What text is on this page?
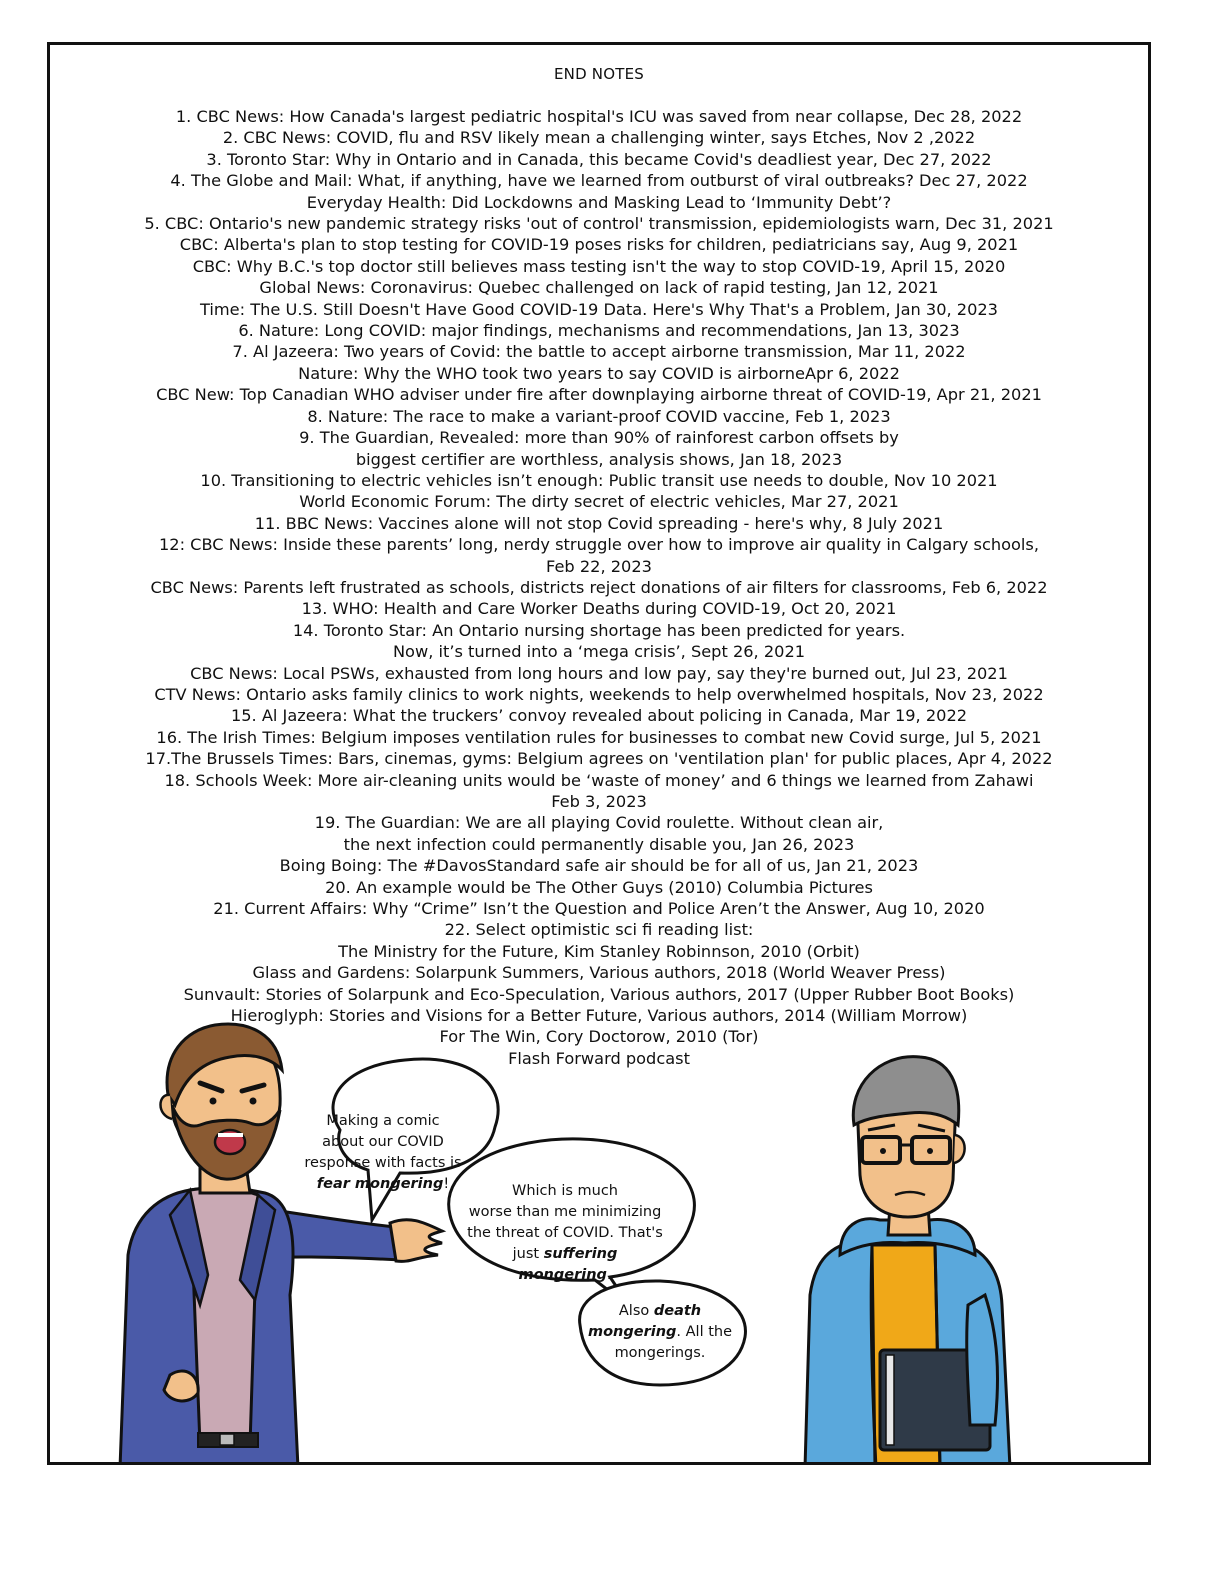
END NOTES
1. CBC News: How Canada's largest pediatric hospital's ICU was saved from near collapse, Dec 28, 2022
2. CBC News: COVID, flu and RSV likely mean a challenging winter, says Etches, Nov 2 ,2022
3. Toronto Star: Why in Ontario and in Canada, this became Covid's deadliest year, Dec 27, 2022
4. The Globe and Mail: What, if anything, have we learned from outburst of viral outbreaks? Dec 27, 2022
Everyday Health: Did Lockdowns and Masking Lead to ‘Immunity Debt’?
5. CBC: Ontario's new pandemic strategy risks 'out of control' transmission, epidemiologists warn, Dec 31, 2021
CBC: Alberta's plan to stop testing for COVID-19 poses risks for children, pediatricians say, Aug 9, 2021
CBC: Why B.C.'s top doctor still believes mass testing isn't the way to stop COVID-19, April 15, 2020
Global News: Coronavirus: Quebec challenged on lack of rapid testing, Jan 12, 2021
Time: The U.S. Still Doesn't Have Good COVID-19 Data. Here's Why That's a Problem, Jan 30, 2023
6. Nature: Long COVID: major findings, mechanisms and recommendations, Jan 13, 3023
7. Al Jazeera: Two years of Covid: the battle to accept airborne transmission, Mar 11, 2022
Nature: Why the WHO took two years to say COVID is airborneApr 6, 2022
CBC New: Top Canadian WHO adviser under fire after downplaying airborne threat of COVID-19, Apr 21, 2021
8. Nature: The race to make a variant-proof COVID vaccine, Feb 1, 2023
9. The Guardian, Revealed: more than 90% of rainforest carbon offsets by
biggest certifier are worthless, analysis shows, Jan 18, 2023
10. Transitioning to electric vehicles isn’t enough: Public transit use needs to double, Nov 10 2021
World Economic Forum: The dirty secret of electric vehicles, Mar 27, 2021
11. BBC News: Vaccines alone will not stop Covid spreading - here's why, 8 July 2021
12: CBC News: Inside these parents’ long, nerdy struggle over how to improve air quality in Calgary schools,
Feb 22, 2023
CBC News: Parents left frustrated as schools, districts reject donations of air filters for classrooms, Feb 6, 2022
13. WHO: Health and Care Worker Deaths during COVID-19, Oct 20, 2021
14. Toronto Star: An Ontario nursing shortage has been predicted for years.
Now, it’s turned into a ‘mega crisis’, Sept 26, 2021
CBC News: Local PSWs, exhausted from long hours and low pay, say they're burned out, Jul 23, 2021
CTV News: Ontario asks family clinics to work nights, weekends to help overwhelmed hospitals, Nov 23, 2022
15. Al Jazeera: What the truckers’ convoy revealed about policing in Canada, Mar 19, 2022
16. The Irish Times: Belgium imposes ventilation rules for businesses to combat new Covid surge, Jul 5, 2021
17.The Brussels Times: Bars, cinemas, gyms: Belgium agrees on 'ventilation plan' for public places, Apr 4, 2022
18. Schools Week: More air-cleaning units would be ‘waste of money’ and 6 things we learned from Zahawi
Feb 3, 2023
19. The Guardian: We are all playing Covid roulette. Without clean air,
the next infection could permanently disable you, Jan 26, 2023
Boing Boing: The #DavosStandard safe air should be for all of us, Jan 21, 2023
20. An example would be The Other Guys (2010) Columbia Pictures
21. Current Affairs: Why “Crime” Isn’t the Question and Police Aren’t the Answer, Aug 10, 2020
22. Select optimistic sci fi reading list:
The Ministry for the Future, Kim Stanley Robinnson, 2010 (Orbit)
Glass and Gardens: Solarpunk Summers, Various authors, 2018 (World Weaver Press)
Sunvault: Stories of Solarpunk and Eco-Speculation, Various authors, 2017 (Upper Rubber Boot Books)
Hieroglyph: Stories and Visions for a Better Future, Various authors, 2014 (William Morrow)
For The Win, Cory Doctorow, 2010 (Tor)
Flash Forward podcast
Making a comic
about our COVID
response with facts is
fear mongering!	Which is much
worse than me minimizing
the threat of COVID. That's
just suffering
mongering.
Also death
mongering. All the
mongerings.
